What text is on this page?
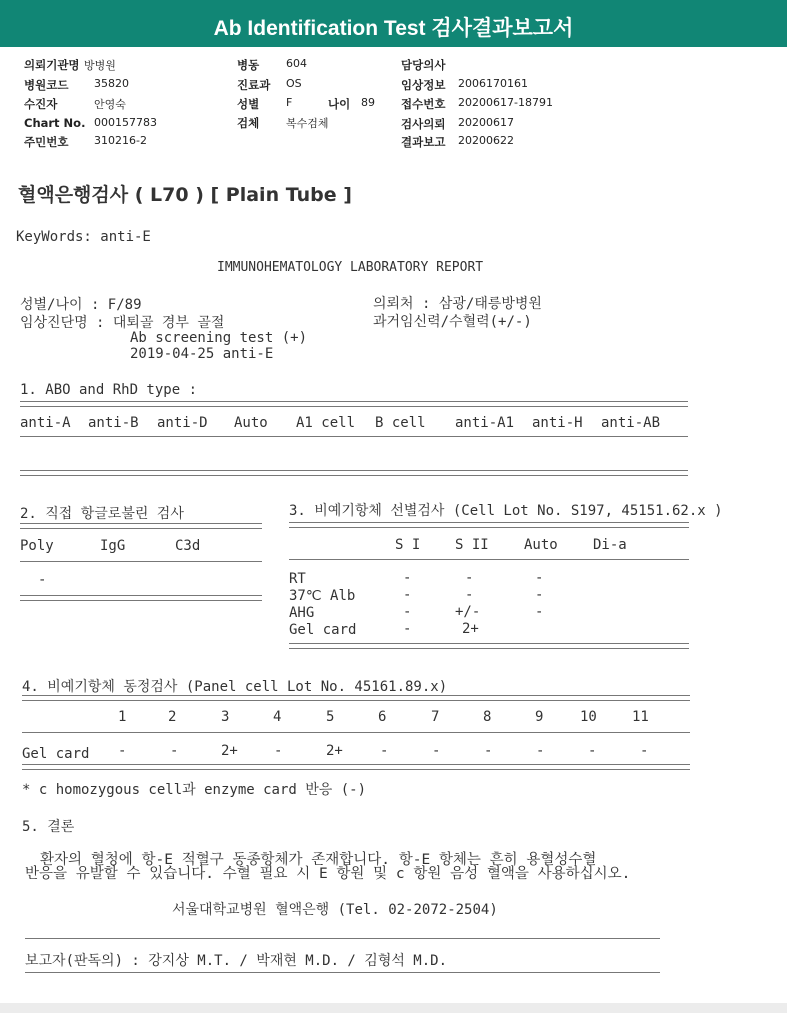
Ab Identification Test 검사결과보고서
의뢰기관명 방병원
병원코드 35820
수진자	안영숙
Chart No. 000157783
주민번호 310216-2
병동 604
진료과 OS
성별 F	나이 89
검체 복수검체
담당의사
임상정보 2006170161
접수번호 20200617-18791
검사의뢰 20200617
결과보고 20200622
혈액은행검사 ( L70 ) [ Plain Tube ]
KeyWords: anti-E
IMMUNOHEMATOLOGY LABORATORY REPORT
성별/나이 : F/89	의뢰처 : 삼광/태릉방병원
임상진단명 : 대퇴골 경부 골절	과거임신력/수혈력(+/-)
Ab screening test (+)
2019-04-25 anti-E
1. ABO and RhD type :
anti-A anti-B anti-D Auto A1 cell B cell anti-A1 anti-H anti-AB
2. 직접 항글로불린 검사
Poly	IgG	C3d
-
3. 비예기항체 선별검사 (Cell Lot No. S197, 45151.62.x )
S I S II	Auto	Di-a
RT	-	-	-
37℃ Alb	-	-	-
AHG	-	+/-	-
Gel card	-	2+
4. 비예기항체 동정검사 (Panel cell Lot No. 45161.89.x)
1	2	3	4	5	6	7	8	9	10	11
Gel card -	-	2+	-	2+	-	-	-	-	-	-
* c homozygous cell과 enzyme card 반응 (-)
5. 결론
환자의 혈청에 항-E 적혈구 동종항체가 존재합니다. 항-E 항체는 흔히 용혈성수혈
반응을 유발할 수 있습니다. 수혈 필요 시 E 항원 및 c 항원 음성 혈액을 사용하십시오.
서울대학교병원 혈액은행 (Tel. 02-2072-2504)
보고자(판독의) : 강지상 M.T. / 박재현 M.D. / 김형석 M.D.
